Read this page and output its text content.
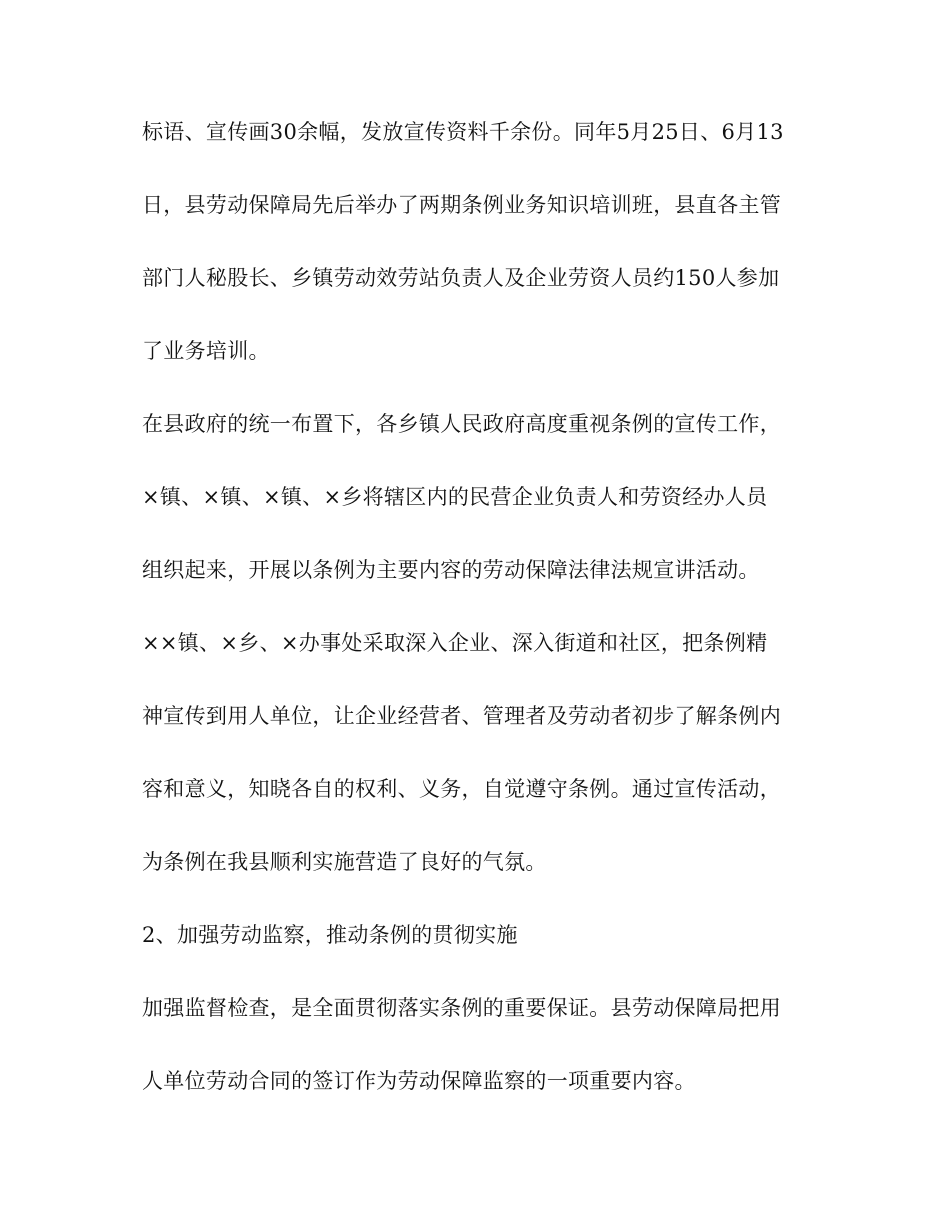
标语、宣传画30余幅，发放宣传资料千余份。同年5月25日、6月13
日，县劳动保障局先后举办了两期条例业务知识培训班，县直各主管
部门人秘股长、乡镇劳动效劳站负责人及企业劳资人员约150人参加
了业务培训。
在县政府的统一布置下，各乡镇人民政府高度重视条例的宣传工作，
×镇、×镇、×镇、×乡将辖区内的民营企业负责人和劳资经办人员
组织起来，开展以条例为主要内容的劳动保障法律法规宣讲活动。
××镇、×乡、×办事处采取深入企业、深入街道和社区，把条例精
神宣传到用人单位，让企业经营者、管理者及劳动者初步了解条例内
容和意义，知晓各自的权利、义务，自觉遵守条例。通过宣传活动，
为条例在我县顺利实施营造了良好的气氛。
2、加强劳动监察，推动条例的贯彻实施
加强监督检查，是全面贯彻落实条例的重要保证。县劳动保障局把用
人单位劳动合同的签订作为劳动保障监察的一项重要内容。
